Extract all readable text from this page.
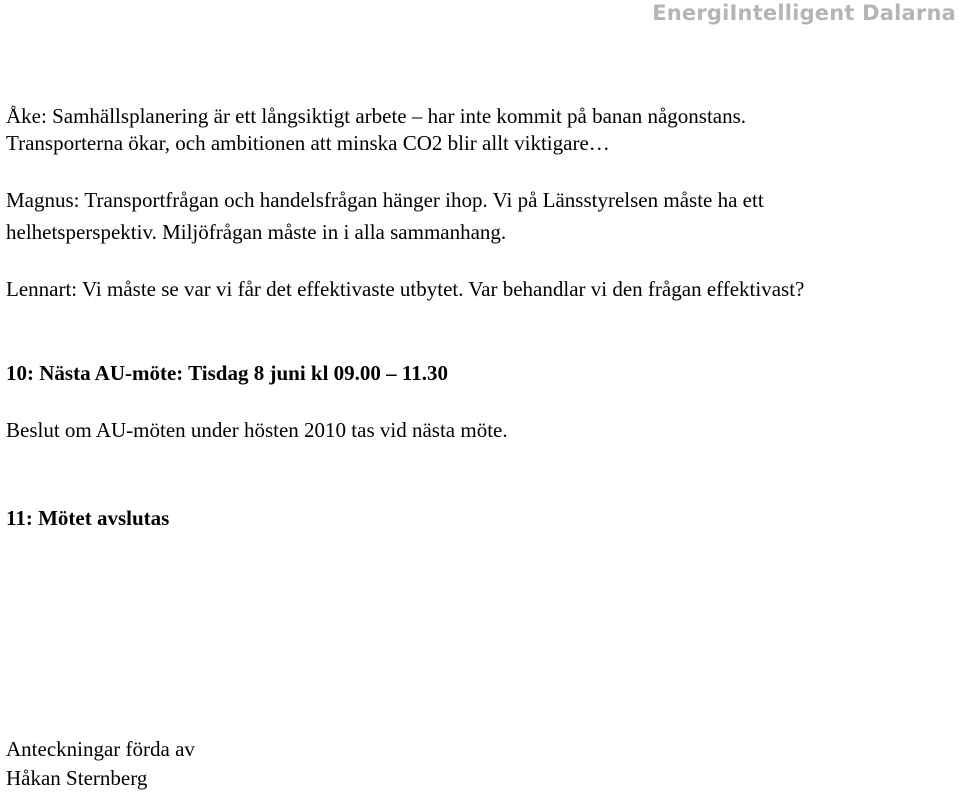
EnergiIntelligent Dalarna
Åke: Samhällsplanering är ett långsiktigt arbete – har inte kommit på banan någonstans.
Transporterna ökar, och ambitionen att minska CO2 blir allt viktigare…
Magnus: Transportfrågan och handelsfrågan hänger ihop. Vi på Länsstyrelsen måste ha ett
helhetsperspektiv. Miljöfrågan måste in i alla sammanhang.
Lennart: Vi måste se var vi får det effektivaste utbytet. Var behandlar vi den frågan effektivast?
10: Nästa AU-möte: Tisdag 8 juni kl 09.00 – 11.30
Beslut om AU-möten under hösten 2010 tas vid nästa möte.
11: Mötet avslutas
Anteckningar förda av
Håkan Sternberg
